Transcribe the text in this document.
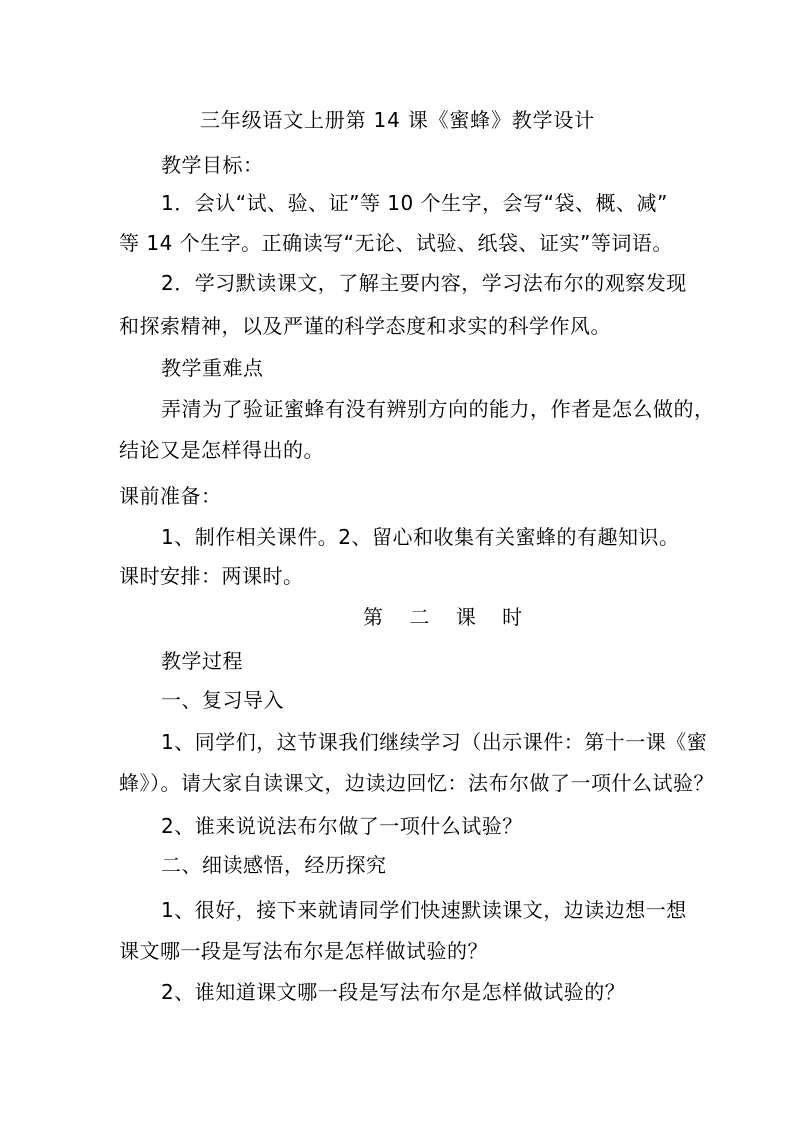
三年级语文上册第 14 课《蜜蜂》教学设计
教学目标：
1．会认“试、验、证”等 10 个生字，会写“袋、概、减”
等 14 个生字。正确读写“无论、试验、纸袋、证实”等词语。
2．学习默读课文，了解主要内容，学习法布尔的观察发现
和探索精神，以及严谨的科学态度和求实的科学作风。
教学重难点
弄清为了验证蜜蜂有没有辨别方向的能力，作者是怎么做的，
结论又是怎样得出的。
课前准备：
1、制作相关课件。2、留心和收集有关蜜蜂的有趣知识。
课时安排：两课时。
第 二 课 时
教学过程
一、复习导入
1、同学们，这节课我们继续学习（出示课件：第十一课《蜜
蜂》）。请大家自读课文，边读边回忆：法布尔做了一项什么试验？
2、谁来说说法布尔做了一项什么试验？
二、细读感悟，经历探究
1、很好，接下来就请同学们快速默读课文，边读边想一想
课文哪一段是写法布尔是怎样做试验的？
2、谁知道课文哪一段是写法布尔是怎样做试验的？
